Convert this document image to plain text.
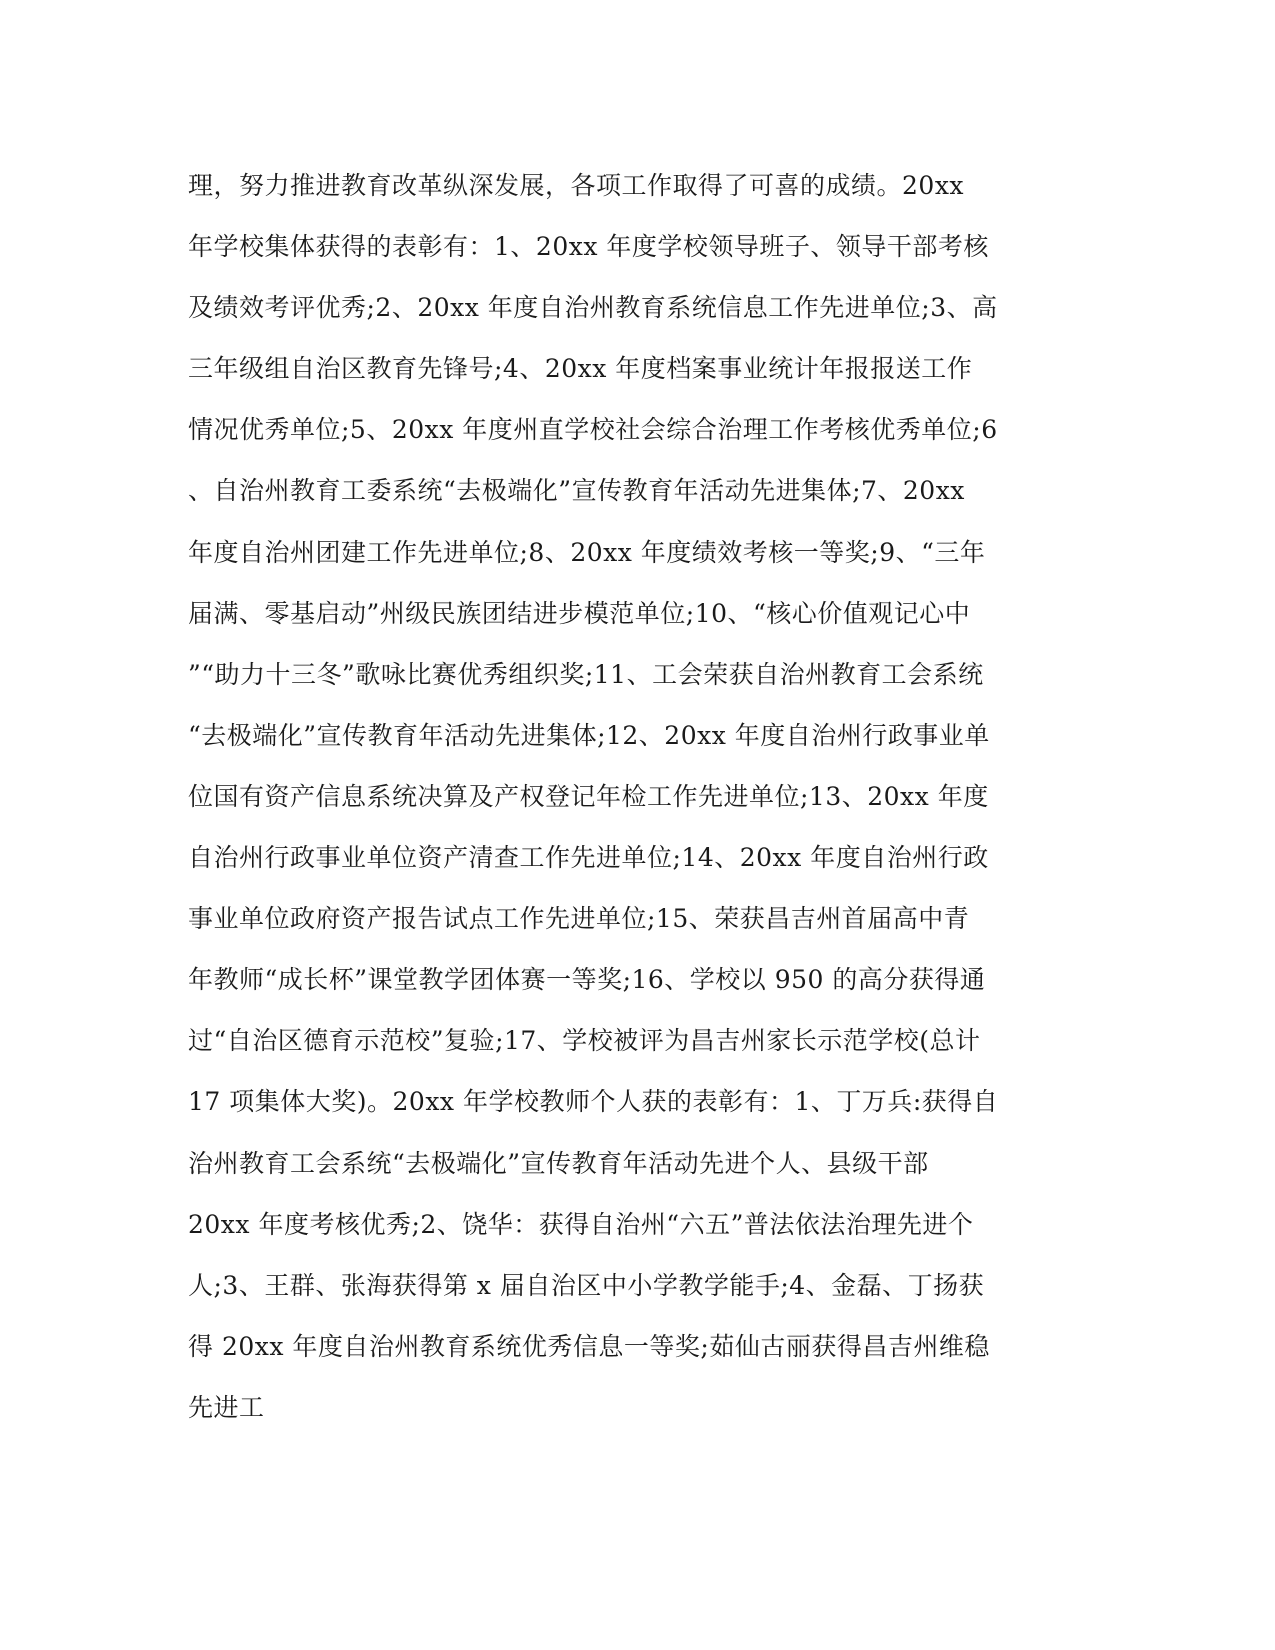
理，努力推进教育改革纵深发展，各项工作取得了可喜的成绩。20xx
年学校集体获得的表彰有：1、20xx 年度学校领导班子、领导干部考核
及绩效考评优秀;2、20xx 年度自治州教育系统信息工作先进单位;3、高
三年级组自治区教育先锋号;4、20xx 年度档案事业统计年报报送工作
情况优秀单位;5、20xx 年度州直学校社会综合治理工作考核优秀单位;6
、自治州教育工委系统“去极端化”宣传教育年活动先进集体;7、20xx
年度自治州团建工作先进单位;8、20xx 年度绩效考核一等奖;9、“三年
届满、零基启动”州级民族团结进步模范单位;10、“核心价值观记心中
”“助力十三冬”歌咏比赛优秀组织奖;11、工会荣获自治州教育工会系统
“去极端化”宣传教育年活动先进集体;12、20xx 年度自治州行政事业单
位国有资产信息系统决算及产权登记年检工作先进单位;13、20xx 年度
自治州行政事业单位资产清查工作先进单位;14、20xx 年度自治州行政
事业单位政府资产报告试点工作先进单位;15、荣获昌吉州首届高中青
年教师“成长杯”课堂教学团体赛一等奖;16、学校以 950 的高分获得通
过“自治区德育示范校”复验;17、学校被评为昌吉州家长示范学校(总计
17 项集体大奖)。20xx 年学校教师个人获的表彰有：1、丁万兵:获得自
治州教育工会系统“去极端化”宣传教育年活动先进个人、县级干部
20xx 年度考核优秀;2、饶华：获得自治州“六五”普法依法治理先进个
人;3、王群、张海获得第 x 届自治区中小学教学能手;4、金磊、丁扬获
得 20xx 年度自治州教育系统优秀信息一等奖;茹仙古丽获得昌吉州维稳
先进工
